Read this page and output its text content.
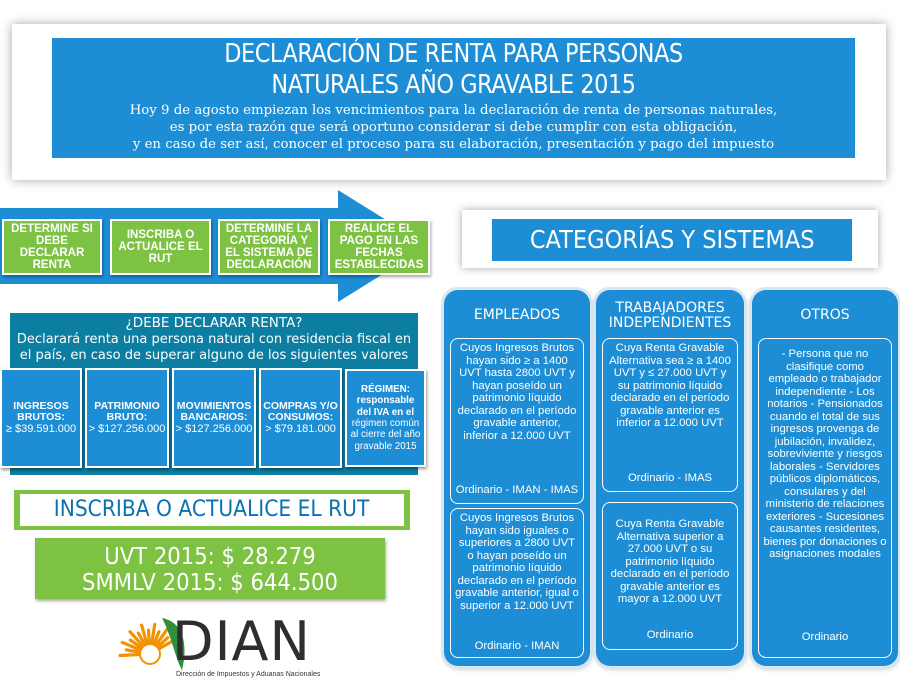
DECLARACIÓN DE RENTA PARA PERSONAS
NATURALES AÑO GRAVABLE 2015
Hoy 9 de agosto empiezan los vencimientos para la declaración de renta de personas naturales,
es por esta razón que será oportuno considerar si debe cumplir con esta obligación,
y en caso de ser así, conocer el proceso para su elaboración, presentación y pago del impuesto
DETERMINE SI DEBE DECLARAR RENTA
INSCRIBA O ACTUALICE EL RUT
DETERMINE LA CATEGORÍA Y EL SISTEMA DE DECLARACIÓN
REALICE EL PAGO EN LAS FECHAS ESTABLECIDAS
¿DEBE DECLARAR RENTA?
Declarará renta una persona natural con residencia fiscal en el país, en caso de superar alguno de los siguientes valores
INGRESOS BRUTOS:
≥ $39.591.000
PATRIMONIO BRUTO:
> $127.256.000
MOVIMIENTOS BANCARIOS:
> $127.256.000
COMPRAS Y/O CONSUMOS:
> $79.181.000
RÉGIMEN: responsable del IVA en el régimen común al cierre del año gravable 2015
INSCRIBA O ACTUALICE EL RUT
UVT 2015: $ 28.279
SMMLV 2015: $ 644.500
DIAN
Dirección de Impuestos y Aduanas Nacionales
CATEGORÍAS Y SISTEMAS
EMPLEADOS
Cuyos Ingresos Brutos hayan sido ≥ a 1400 UVT hasta 2800 UVT y hayan poseído un patrimonio líquido declarado en el período gravable anterior, inferior a 12.000 UVT
Ordinario - IMAN - IMAS
Cuyos Ingresos Brutos hayan sido iguales o superiores a 2800 UVT o hayan poseído un patrimonio líquido declarado en el período gravable anterior, igual o superior a 12.000 UVT
Ordinario - IMAN
TRABAJADORES
INDEPENDIENTES
Cuya Renta Gravable Alternativa sea ≥ a 1400 UVT y ≤ 27.000 UVT y su patrimonio líquido declarado en el período gravable anterior es inferior a 12.000 UVT
Ordinario - IMAS
Cuya Renta Gravable Alternativa superior a 27.000 UVT o su patrimonio líquido declarado en el período gravable anterior es mayor a 12.000 UVT
Ordinario
OTROS
- Persona que no clasifique como empleado o trabajador independiente - Los notarios - Pensionados cuando el total de sus ingresos provenga de jubilación, invalidez, sobreviviente y riesgos laborales - Servidores públicos diplomáticos, consulares y del ministerio de relaciones exteriores - Sucesiones causantes residentes, bienes por donaciones o asignaciones modales
Ordinario
